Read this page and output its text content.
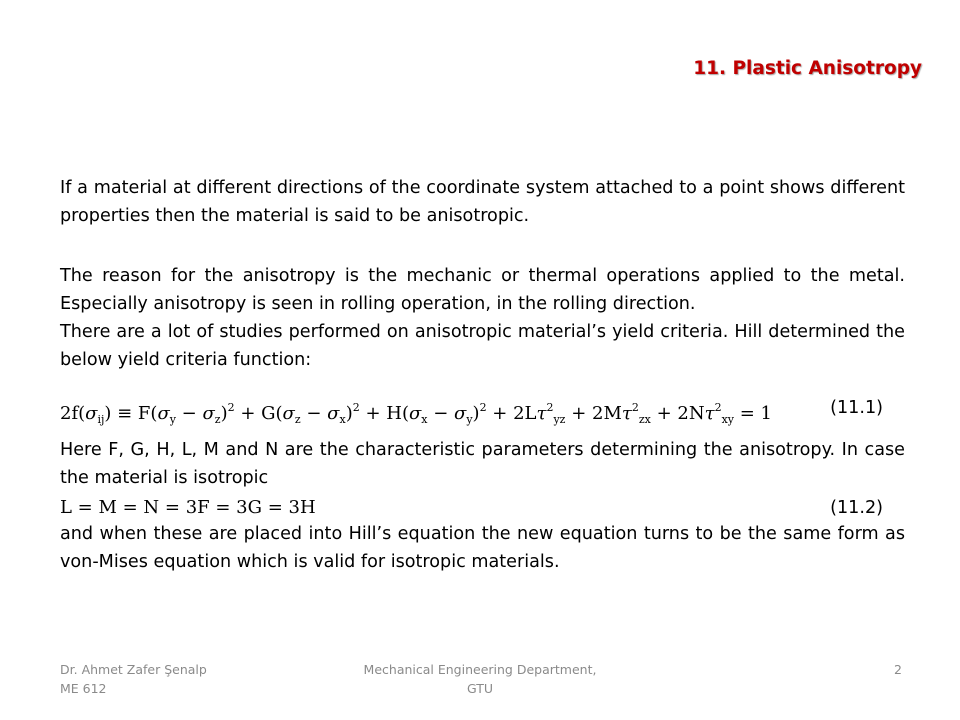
11. Plastic Anisotropy
If a material at different directions of the coordinate system attached to a point shows different properties then the material is said to be anisotropic.
The reason for the anisotropy is the mechanic or thermal operations applied to the metal. Especially anisotropy is seen in rolling operation, in the rolling direction.
There are a lot of studies performed on anisotropic material’s yield criteria. Hill determined the below yield criteria function:
$2f(\sigma_{ij}) \equiv F(\sigma_y - \sigma_z)^2 + G(\sigma_z - \sigma_x)^2 + H(\sigma_x - \sigma_y)^2 + 2L\tau^2_{yz} + 2M\tau^2_{zx} + 2N\tau^2_{xy} = 1$	(11.1)
Here F, G, H, L, M and N are the characteristic parameters determining the anisotropy. In case the material is isotropic
L = M = N = 3F = 3G = 3H	(11.2)
and when these are placed into Hill’s equation the new equation turns to be the same form as von-Mises equation which is valid for isotropic materials.
Dr. Ahmet Zafer Şenalp
ME 612
Mechanical Engineering Department,
GTU
2
